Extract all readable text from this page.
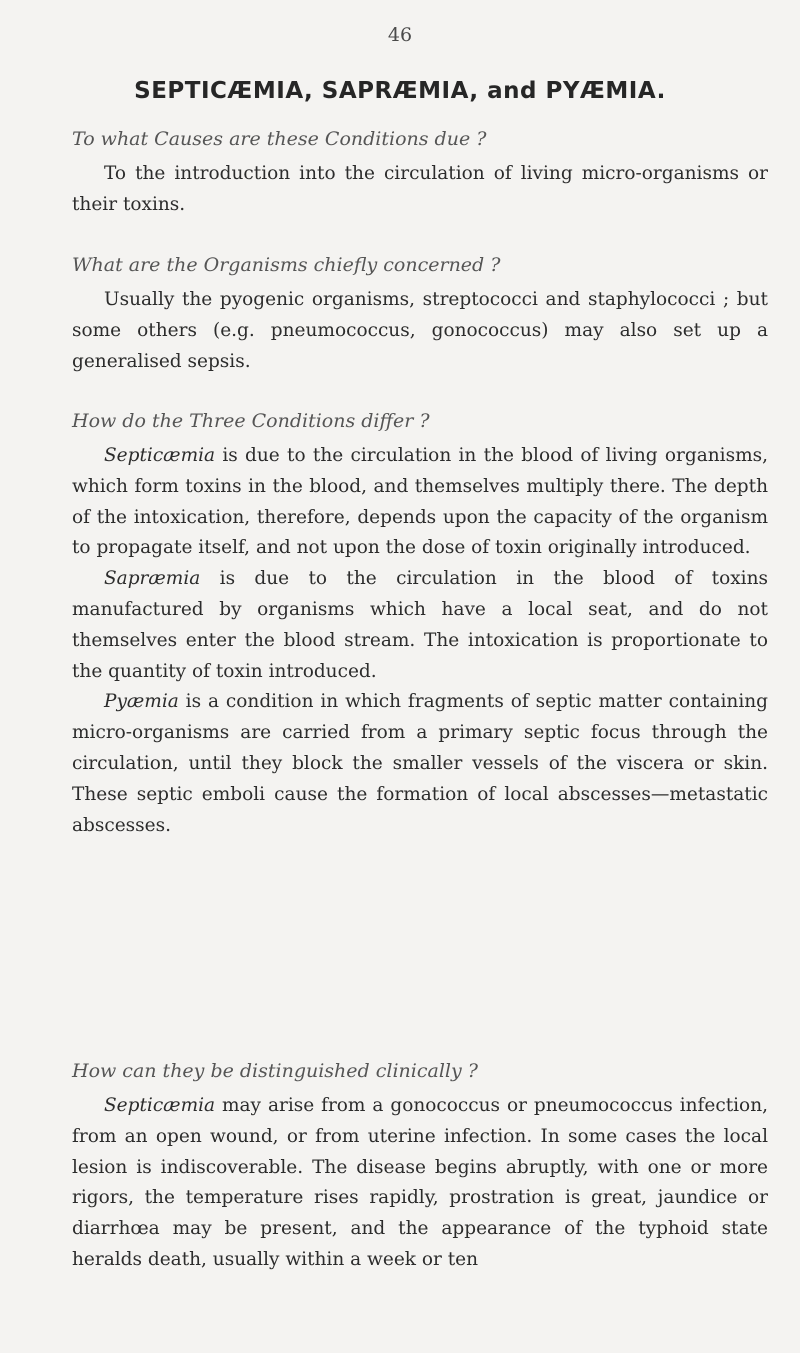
46
SEPTICÆMIA, SAPRÆMIA, and PYÆMIA.

To what Causes are these Conditions due ?

To the introduction into the circulation of living micro-organisms or their toxins.

What are the Organisms chiefly concerned ?

Usually the pyogenic organisms, streptococci and staphylococci ; but some others (e.g. pneumococcus, gonococcus) may also set up a generalised sepsis.

How do the Three Conditions differ ?

Septicæmia is due to the circulation in the blood of living organisms, which form toxins in the blood, and themselves multiply there. The depth of the intoxication, therefore, depends upon the capacity of the organism to propagate itself, and not upon the dose of toxin originally introduced.

Sapræmia is due to the circulation in the blood of toxins manufactured by organisms which have a local seat, and do not themselves enter the blood stream. The intoxication is proportionate to the quantity of toxin introduced.

Pyæmia is a condition in which fragments of septic matter containing micro-organisms are carried from a primary septic focus through the circulation, until they block the smaller vessels of the viscera or skin. These septic emboli cause the formation of local abscesses—metastatic abscesses.

How can they be distinguished clinically ?

Septicæmia may arise from a gonococcus or pneumococcus infection, from an open wound, or from uterine infection. In some cases the local lesion is indiscoverable. The disease begins abruptly, with one or more rigors, the temperature rises rapidly, prostration is great, jaundice or diarrhœa may be present, and the appearance of the typhoid state heralds death, usually within a week or ten
